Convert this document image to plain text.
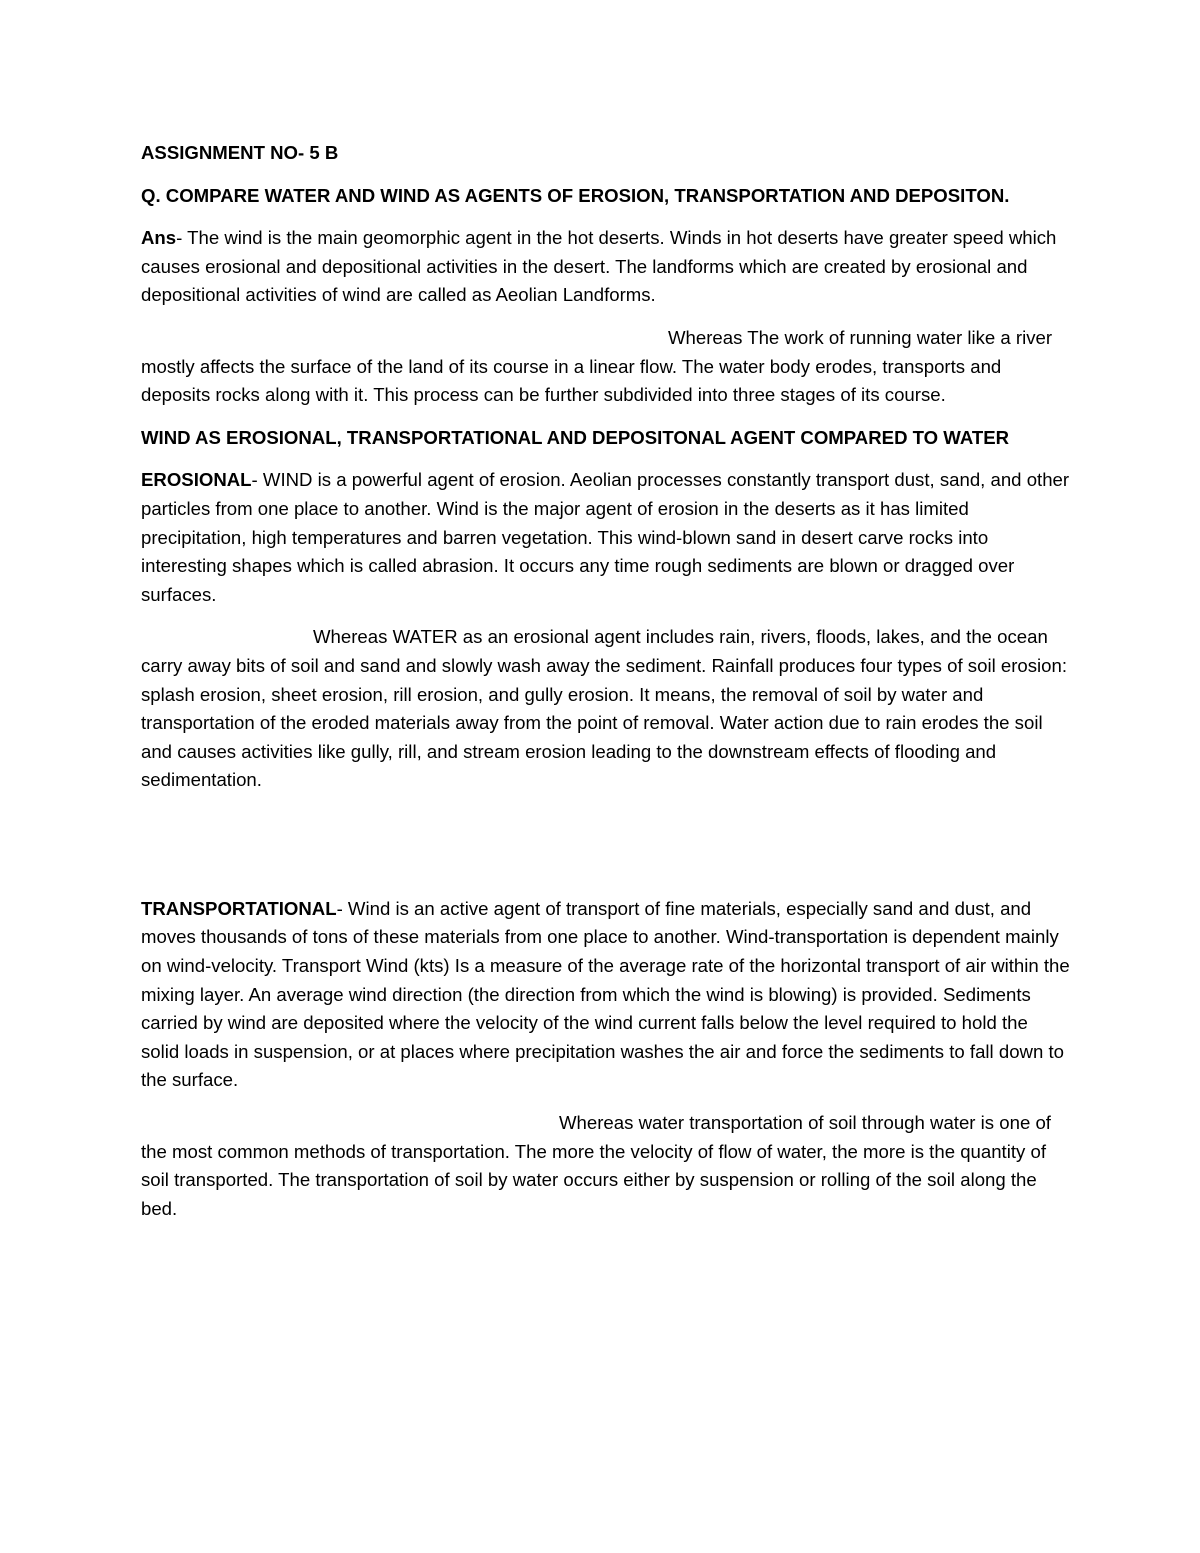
ASSIGNMENT NO- 5 B

Q. COMPARE WATER AND WIND AS AGENTS OF EROSION, TRANSPORTATION AND DEPOSITON.

Ans- The wind is the main geomorphic agent in the hot deserts. Winds in hot deserts have greater speed which causes erosional and depositional activities in the desert. The landforms which are created by erosional and depositional activities of wind are called as Aeolian Landforms.

Whereas The work of running water like a river mostly affects the surface of the land of its course in a linear flow. The water body erodes, transports and deposits rocks along with it. This process can be further subdivided into three stages of its course.

WIND AS EROSIONAL, TRANSPORTATIONAL AND DEPOSITONAL AGENT COMPARED TO WATER

EROSIONAL- WIND is a powerful agent of erosion. Aeolian processes constantly transport dust, sand, and other particles from one place to another. Wind is the major agent of erosion in the deserts as it has limited precipitation, high temperatures and barren vegetation. This wind-blown sand in desert carve rocks into interesting shapes which is called abrasion. It occurs any time rough sediments are blown or dragged over surfaces.

Whereas WATER as an erosional agent includes rain, rivers, floods, lakes, and the ocean carry away bits of soil and sand and slowly wash away the sediment. Rainfall produces four types of soil erosion: splash erosion, sheet erosion, rill erosion, and gully erosion. It means, the removal of soil by water and transportation of the eroded materials away from the point of removal. Water action due to rain erodes the soil and causes activities like gully, rill, and stream erosion leading to the downstream effects of flooding and sedimentation.

TRANSPORTATIONAL- Wind is an active agent of transport of fine materials, especially sand and dust, and moves thousands of tons of these materials from one place to another. Wind-transportation is dependent mainly on wind-velocity. Transport Wind (kts) Is a measure of the average rate of the horizontal transport of air within the mixing layer. An average wind direction (the direction from which the wind is blowing) is provided. Sediments carried by wind are deposited where the velocity of the wind current falls below the level required to hold the solid loads in suspension, or at places where precipitation washes the air and force the sediments to fall down to the surface.

Whereas water transportation of soil through water is one of the most common methods of transportation. The more the velocity of flow of water, the more is the quantity of soil transported. The transportation of soil by water occurs either by suspension or rolling of the soil along the bed.
